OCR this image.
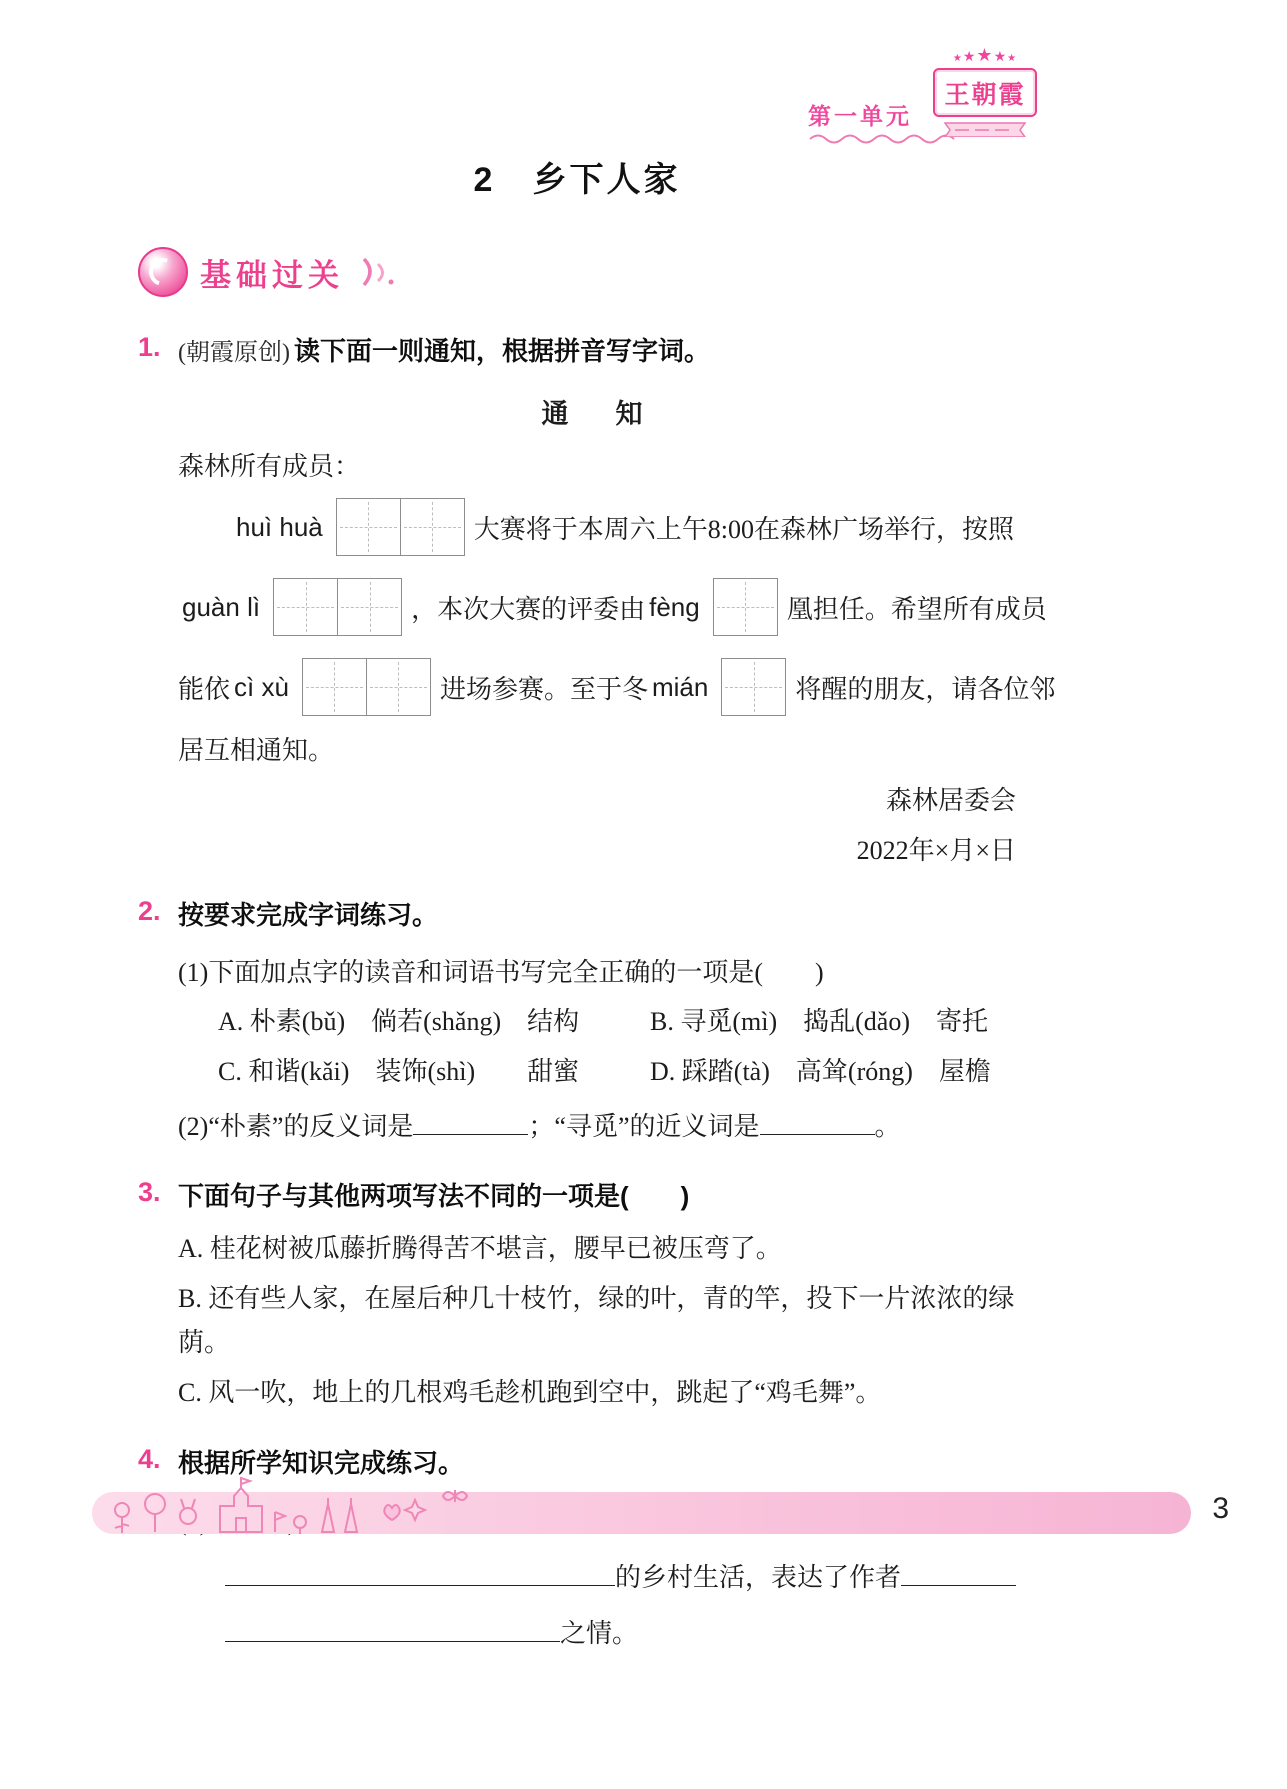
第一单元
★★★★★
王朝霞
2　乡下人家
基础过关
1. (朝霞原创) 读下面一则通知，根据拼音写字词。
通　知
森林所有成员：
huì huà	大赛将于本周六上午8:00在森林广场举行，按照
guàn lì	，本次大赛的评委由 fèng	凰担任。希望所有成员
能依 cì xù	进场参赛。至于冬 mián	将醒的朋友，请各位邻
居互相通知。
森林居委会
2022年×月×日
2. 按要求完成字词练习。
(1)下面加点字的读音和词语书写完全正确的一项是(　　)
A. 朴 •素(bǔ)　倘 •若(shǎng)　结构	B. 寻觅 •(mì)　捣 •乱(dǎo)　寄托
C. 和谐 •(kǎi)　装饰 •(shì)　　甜蜜	D. 踩踏 •(tà)　高耸 •(róng)　屋檐
(2)“朴素”的反义词是	；“寻觅”的近义词是	。
3. 下面句子与其他两项写法不同的一项是(　　)
A. 桂花树被瓜藤折腾得苦不堪言，腰早已被压弯了。
B. 还有些人家，在屋后种几十枝竹，绿的叶，青的竿，投下一片浓浓的绿荫。
C. 风一吹，地上的几根鸡毛趁机跑到空中，跳起了“鸡毛舞”。
4. 根据所学知识完成练习。
的乡村生活，表达了作者
之情。
3
